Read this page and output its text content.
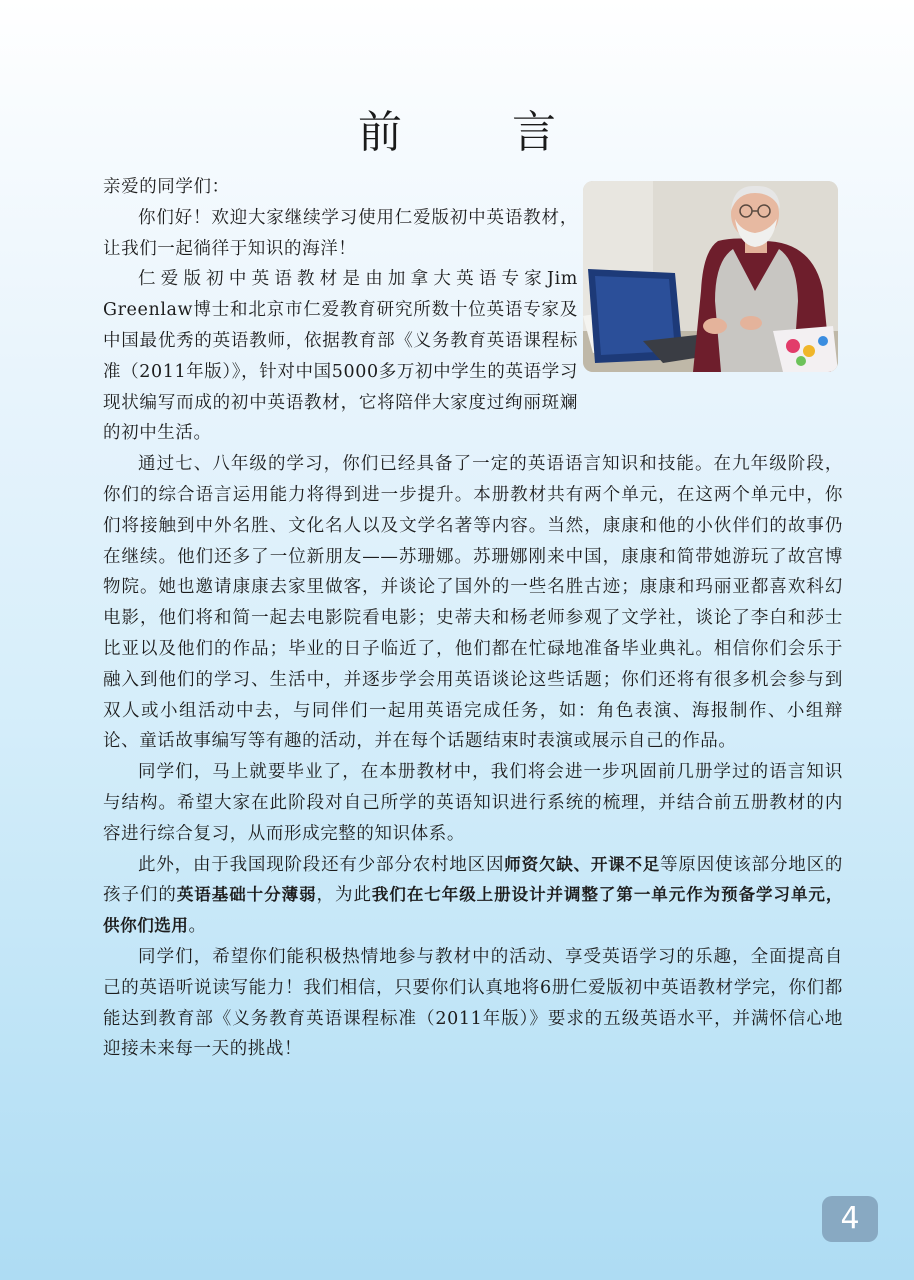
前 言

亲爱的同学们：

你们好！欢迎大家继续学习使用仁爱版初中英语教材，让我们一起徜徉于知识的海洋！

仁爱版初中英语教材是由加拿大英语专家Jim Greenlaw博士和北京市仁爱教育研究所数十位英语专家及中国最优秀的英语教师，依据教育部《义务教育英语课程标准（2011年版）》，针对中国5000多万初中学生的英语学习现状编写而成的初中英语教材，它将陪伴大家度过绚丽斑斓的初中生活。

通过七、八年级的学习，你们已经具备了一定的英语语言知识和技能。在九年级阶段，你们的综合语言运用能力将得到进一步提升。本册教材共有两个单元，在这两个单元中，你们将接触到中外名胜、文化名人以及文学名著等内容。当然，康康和他的小伙伴们的故事仍在继续。他们还多了一位新朋友——苏珊娜。苏珊娜刚来中国，康康和简带她游玩了故宫博物院。她也邀请康康去家里做客，并谈论了国外的一些名胜古迹；康康和玛丽亚都喜欢科幻电影，他们将和简一起去电影院看电影；史蒂夫和杨老师参观了文学社，谈论了李白和莎士比亚以及他们的作品；毕业的日子临近了，他们都在忙碌地准备毕业典礼。相信你们会乐于融入到他们的学习、生活中，并逐步学会用英语谈论这些话题；你们还将有很多机会参与到双人或小组活动中去，与同伴们一起用英语完成任务，如：角色表演、海报制作、小组辩论、童话故事编写等有趣的活动，并在每个话题结束时表演或展示自己的作品。

同学们，马上就要毕业了，在本册教材中，我们将会进一步巩固前几册学过的语言知识与结构。希望大家在此阶段对自己所学的英语知识进行系统的梳理，并结合前五册教材的内容进行综合复习，从而形成完整的知识体系。

此外，由于我国现阶段还有少部分农村地区因师资欠缺、开课不足等原因使该部分地区的孩子们的英语基础十分薄弱，为此我们在七年级上册设计并调整了第一单元作为预备学习单元，供你们选用。

同学们，希望你们能积极热情地参与教材中的活动、享受英语学习的乐趣，全面提高自己的英语听说读写能力！我们相信，只要你们认真地将6册仁爱版初中英语教材学完，你们都能达到教育部《义务教育英语课程标准（2011年版）》要求的五级英语水平，并满怀信心地迎接未来每一天的挑战！

4
